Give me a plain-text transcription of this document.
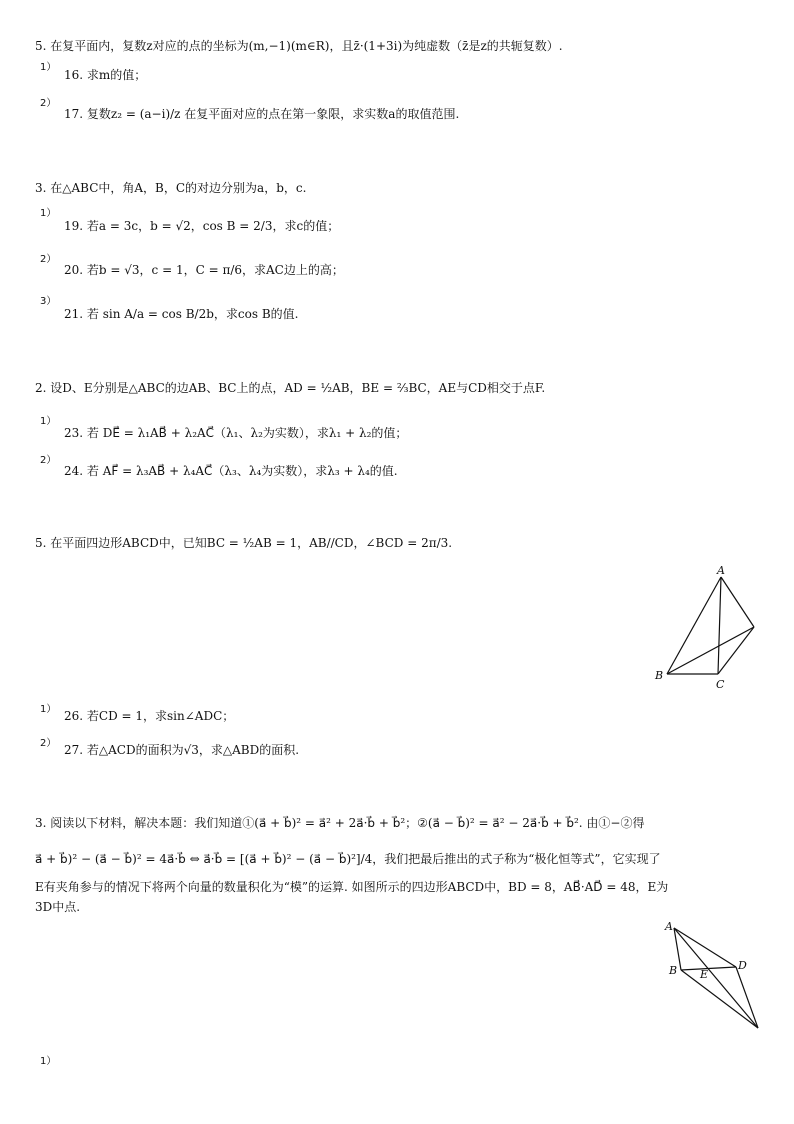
5. 在复平面内，复数z对应的点的坐标为(m,−1)(m∈R)，且z̄·(1+3i)为纯虚数（z̄是z的共轭复数）.
1）
16. 求m的值；
2）
17. 复数z₂ = (a−i)/z 在复平面对应的点在第一象限，求实数a的取值范围.
3. 在△ABC中，角A，B，C的对边分别为a，b，c.
1）
19. 若a = 3c，b = √2，cos B = 2/3，求c的值；
2）
20. 若b = √3，c = 1，C = π/6，求AC边上的高；
3）
21. 若 sin A/a = cos B/2b，求cos B的值.
2. 设D、E分别是△ABC的边AB、BC上的点，AD = ½AB，BE = ⅔BC，AE与CD相交于点F.
1）
23. 若 DE⃗ = λ₁AB⃗ + λ₂AC⃗（λ₁、λ₂为实数），求λ₁ + λ₂的值；
2）
24. 若 AF⃗ = λ₃AB⃗ + λ₄AC⃗（λ₃、λ₄为实数），求λ₃ + λ₄的值.
5. 在平面四边形ABCD中，已知BC = ½AB = 1，AB//CD，∠BCD = 2π/3.
A
B
C
1） 26. 若CD = 1，求sin∠ADC；
2） 27. 若△ACD的面积为√3，求△ABD的面积.
3. 阅读以下材料，解决本题：我们知道①(a⃗ + b⃗)² = a⃗² + 2a⃗·b⃗ + b⃗²；②(a⃗ − b⃗)² = a⃗² − 2a⃗·b⃗ + b⃗². 由①−②得
a⃗ + b⃗)² − (a⃗ − b⃗)² = 4a⃗·b⃗ ⇔ a⃗·b⃗ = [(a⃗ + b⃗)² − (a⃗ − b⃗)²]/4，我们把最后推出的式子称为“极化恒等式”，它实现了
E有夹角参与的情况下将两个向量的数量积化为“模”的运算. 如图所示的四边形ABCD中，BD = 8，AB⃗·AD⃗ = 48，E为
3D中点.
A
B E
D
1）
